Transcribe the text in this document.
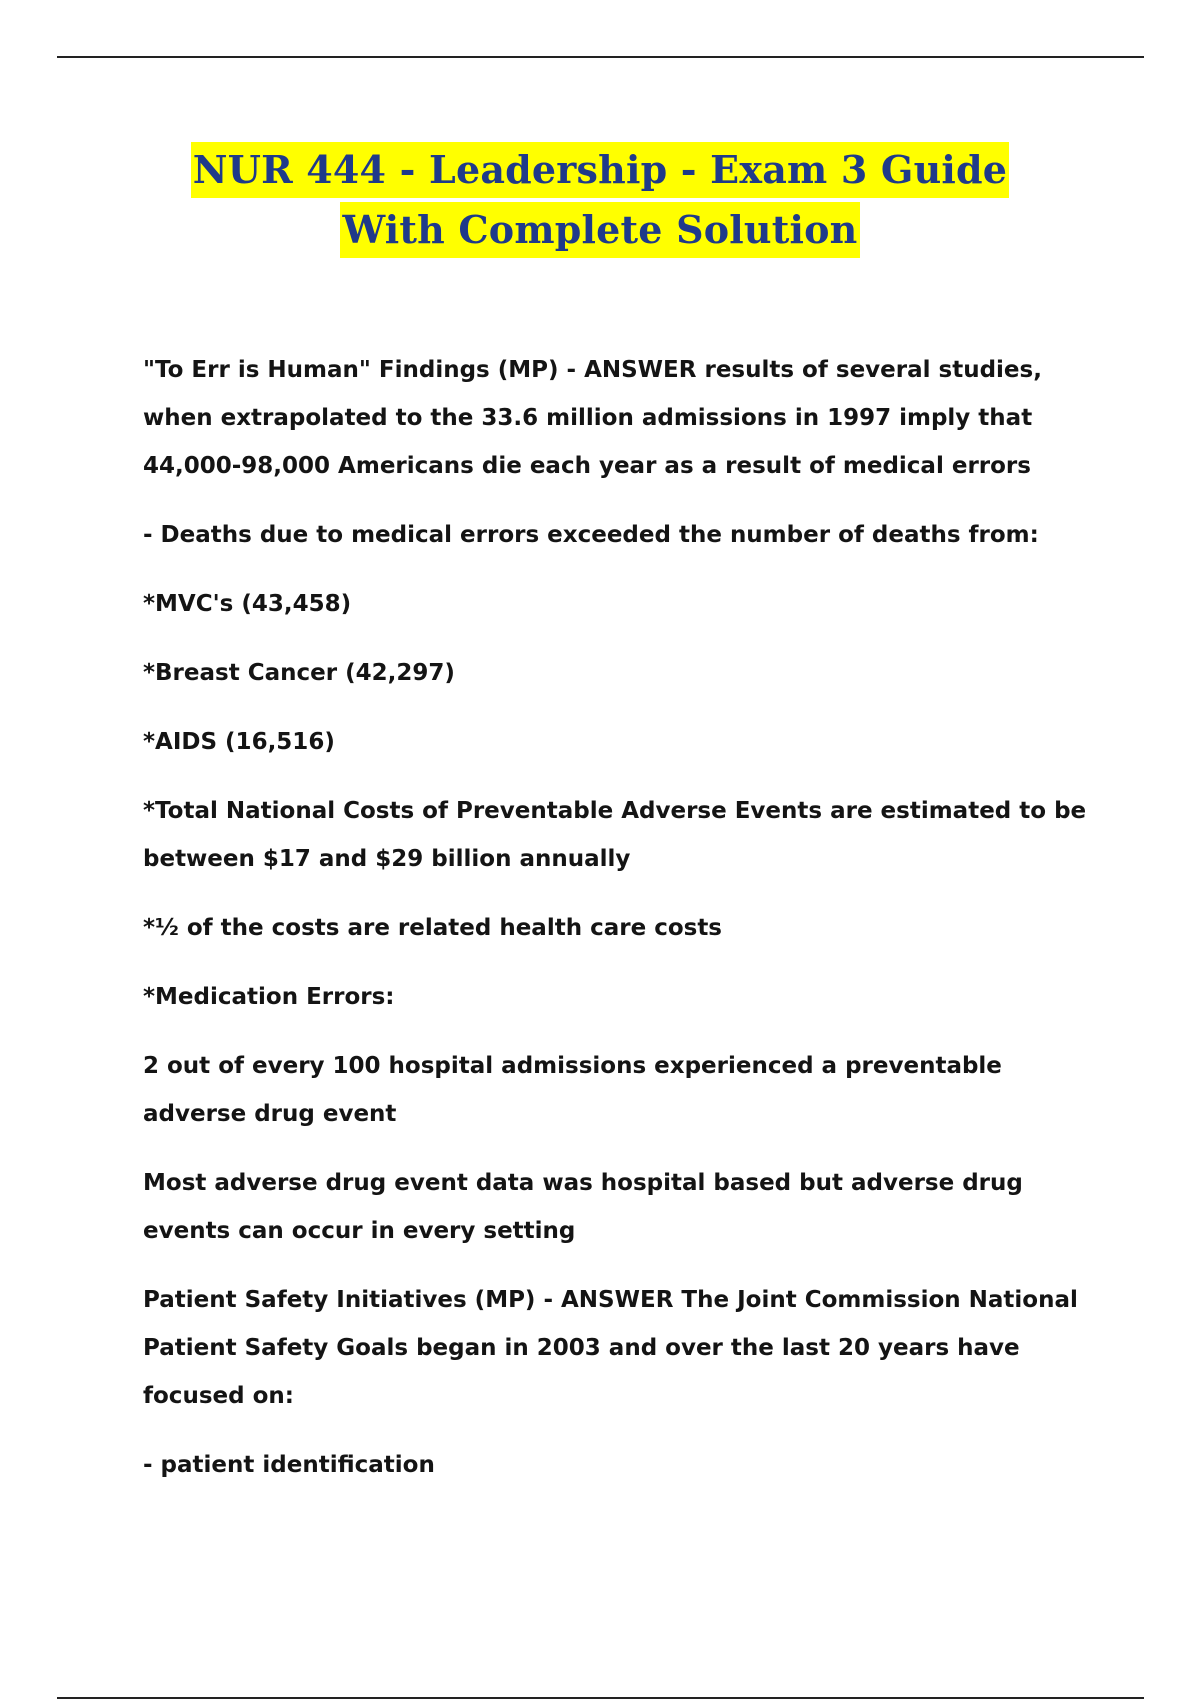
NUR 444 - Leadership - Exam 3 Guide
With Complete Solution

"To Err is Human" Findings (MP) - ANSWER results of several studies, when extrapolated to the 33.6 million admissions in 1997 imply that 44,000-98,000 Americans die each year as a result of medical errors

- Deaths due to medical errors exceeded the number of deaths from:

*MVC's (43,458)

*Breast Cancer (42,297)

*AIDS (16,516)

*Total National Costs of Preventable Adverse Events are estimated to be between $17 and $29 billion annually

*½ of the costs are related health care costs

*Medication Errors:

2 out of every 100 hospital admissions experienced a preventable adverse drug event

Most adverse drug event data was hospital based but adverse drug events can occur in every setting

Patient Safety Initiatives (MP) - ANSWER The Joint Commission National Patient Safety Goals began in 2003 and over the last 20 years have focused on:

- patient identification
